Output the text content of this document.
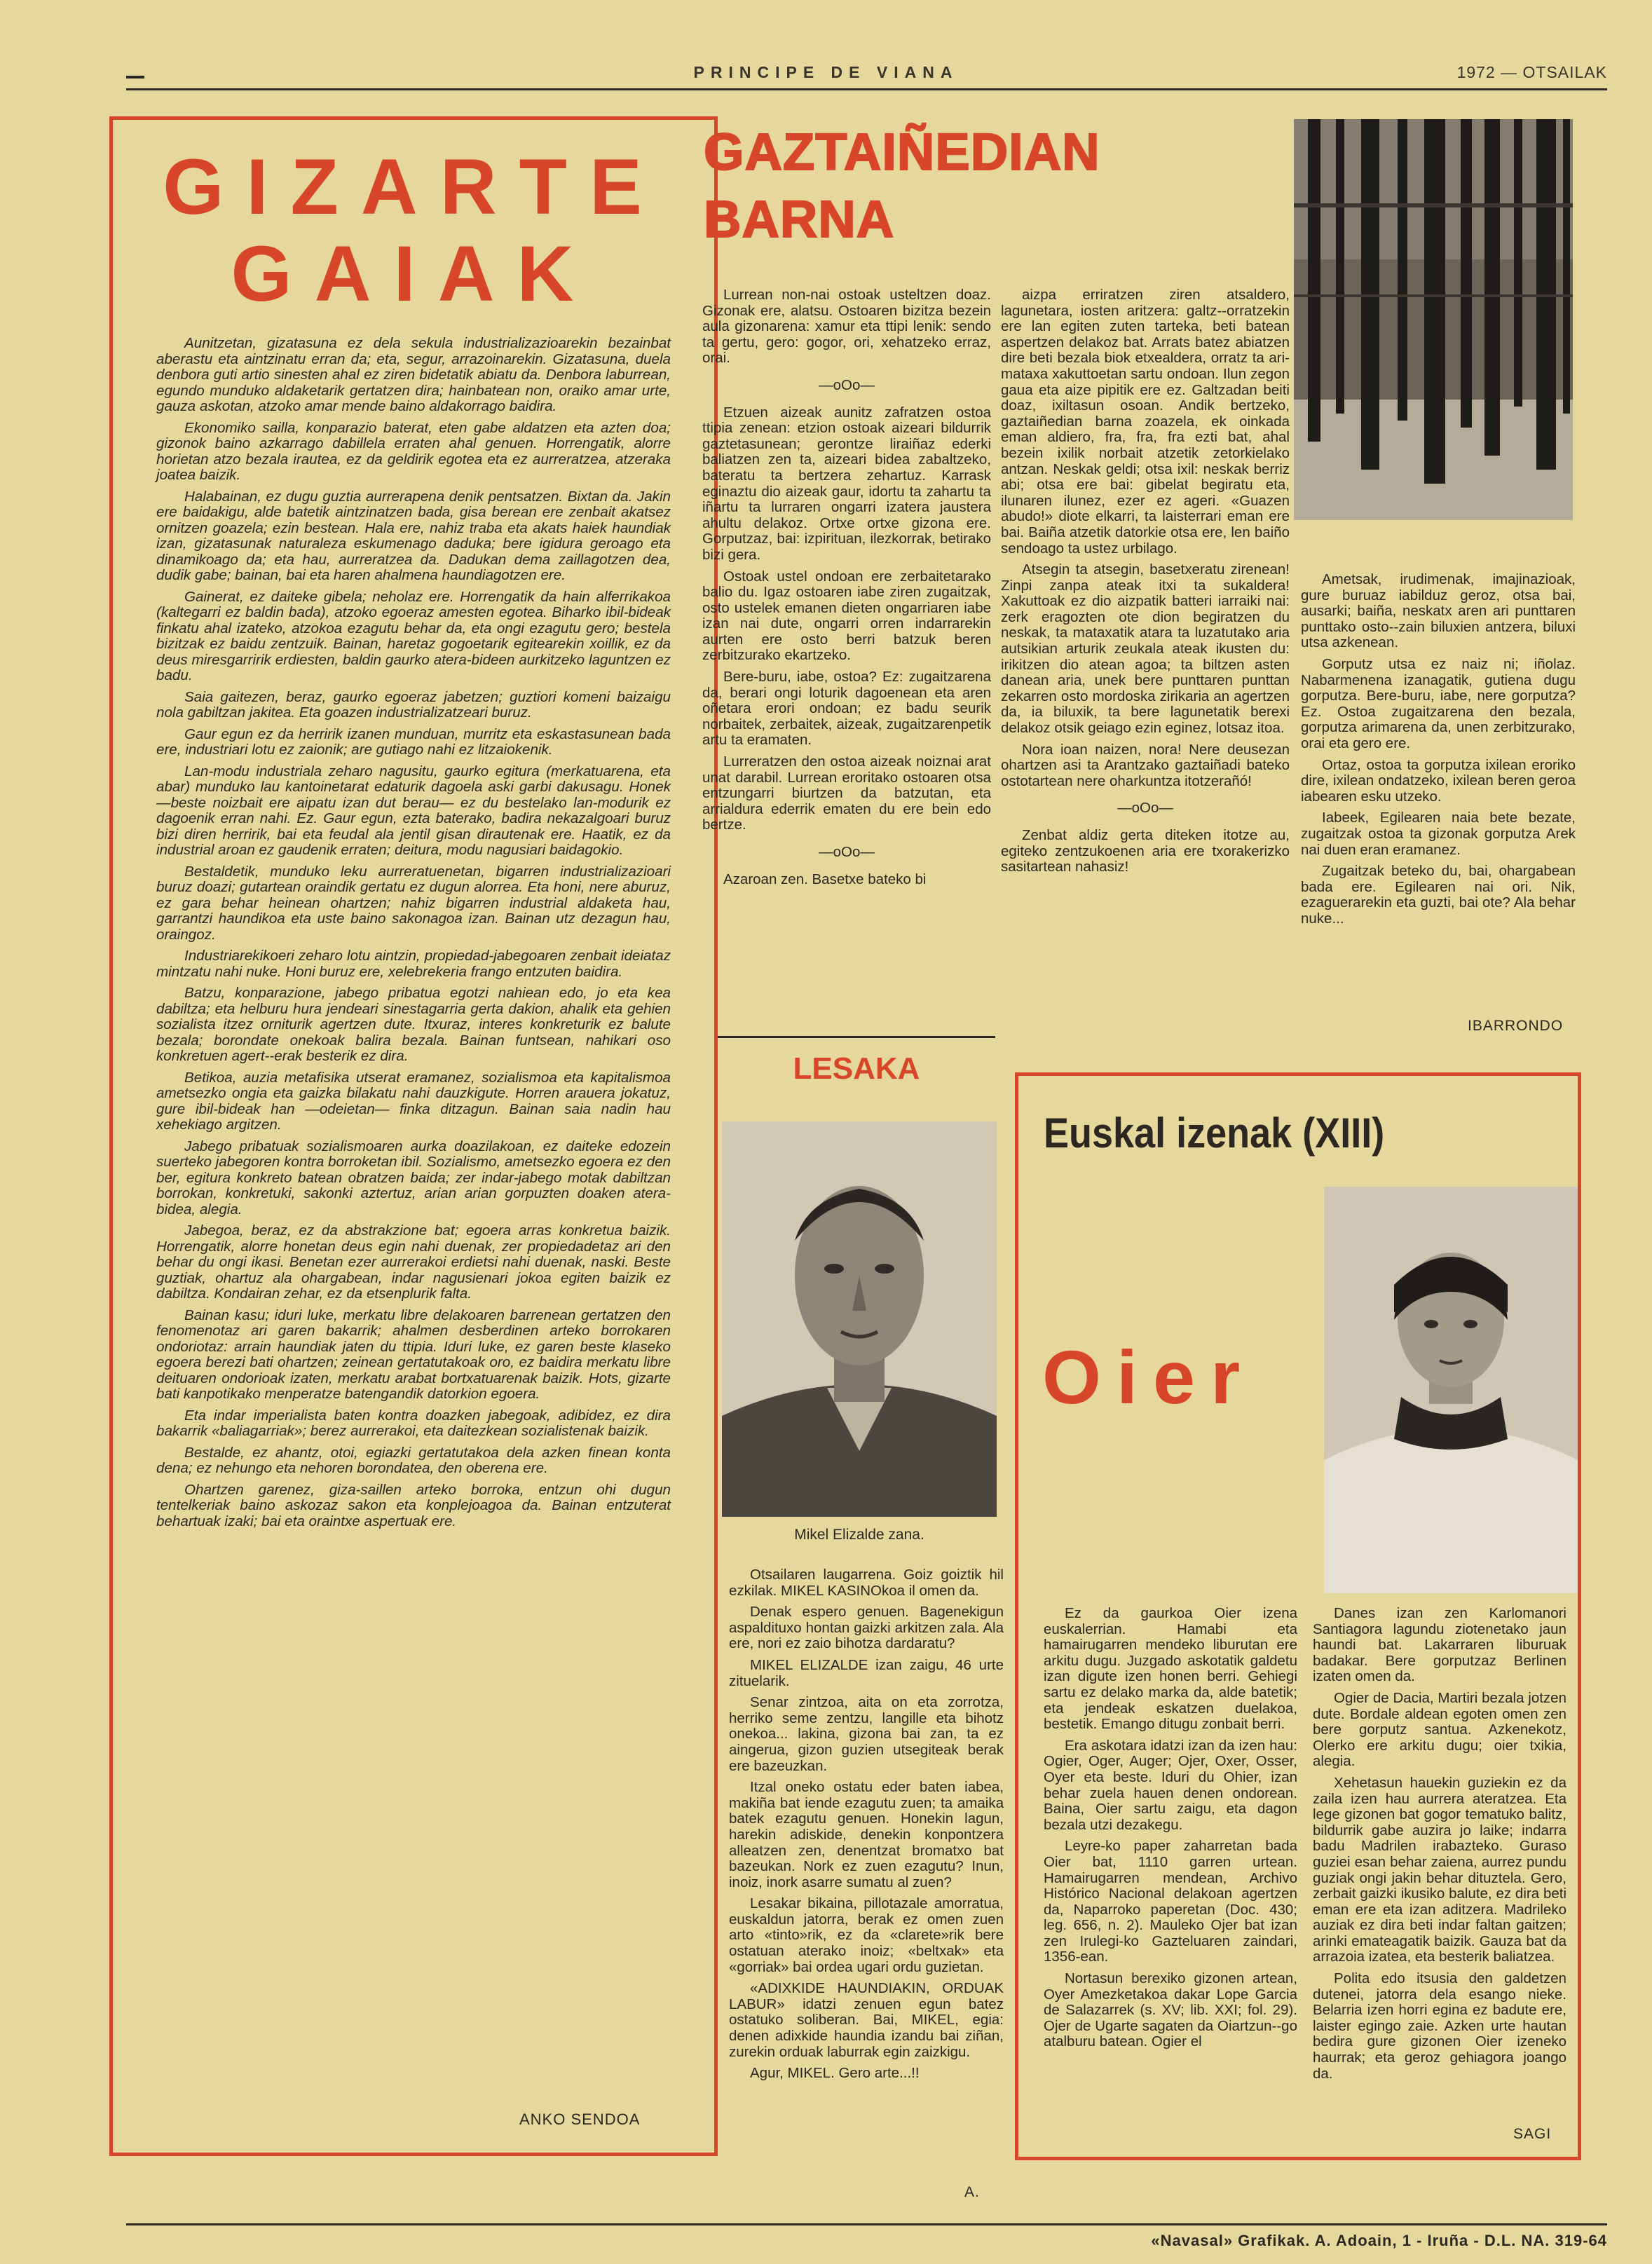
PRINCIPE DE VIANA	1972 — OTSAILAK
GIZARTE
GAIAK

Aunitzetan, gizatasuna ez dela sekula industrializazioarekin bezainbat aberastu eta aintzinatu erran da; eta, segur, arrazoinarekin. Gizatasuna, duela denbora guti artio sinesten ahal ez ziren bidetatik abiatu da. Denbora laburrean, egundo munduko aldaketarik gertatzen dira; hainbatean non, oraiko amar urte, gauza askotan, atzoko amar mende baino aldakorrago baidira.

Ekonomiko sailla, konparazio baterat, eten gabe aldatzen eta azten doa; gizonok baino azkarrago dabillela erraten ahal genuen. Horrengatik, alorre horietan atzo bezala irautea, ez da geldirik egotea eta ez aurreratzea, atzeraka joatea baizik.

Halabainan, ez dugu guztia aurrerapena denik pentsatzen. Bixtan da. Jakin ere baidakigu, alde batetik aintzinatzen bada, gisa berean ere zenbait akatsez ornitzen goazela; ezin bestean. Hala ere, nahiz traba eta akats haiek haundiak izan, gizatasunak naturaleza eskumenago daduka; bere igidura geroago eta dinamikoago da; eta hau, aurreratzea da. Dadukan dema zaillagotzen dea, dudik gabe; bainan, bai eta haren ahalmena haundiagotzen ere.

Gainerat, ez daiteke gibela; neholaz ere. Horrengatik da hain alferrikakoa (kaltegarri ez baldin bada), atzoko egoeraz amesten egotea. Biharko ibil-bideak finkatu ahal izateko, atzokoa ezagutu behar da, eta ongi ezagutu gero; bestela bizitzak ez baidu zentzuik. Bainan, haretaz gogoetarik egitearekin xoillik, ez da deus miresgarririk erdiesten, baldin gaurko atera-bideen aurkitzeko laguntzen ez badu.

Saia gaitezen, beraz, gaurko egoeraz jabetzen; guztiori komeni baizaigu nola gabiltzan jakitea. Eta goazen industrializatzeari buruz.

Gaur egun ez da herririk izanen munduan, murritz eta eskastasunean bada ere, industriari lotu ez zaionik; are gutiago nahi ez litzaiokenik.

Lan-modu industriala zeharo nagusitu, gaurko egitura (merkatuarena, eta abar) munduko lau kantoinetarat edaturik dagoela aski garbi dakusagu. Honek —beste noizbait ere aipatu izan dut berau— ez du bestelako lan-modurik ez dagoenik erran nahi. Ez. Gaur egun, ezta baterako, badira nekazalgoari buruz bizi diren herririk, bai eta feudal ala jentil gisan dirautenak ere. Haatik, ez da industrial aroan ez gaudenik erraten; deitura, modu nagusiari baidagokio.

Bestaldetik, munduko leku aurreratuenetan, bigarren industrializazioari buruz doazi; gutartean oraindik gertatu ez dugun alorrea. Eta honi, nere aburuz, ez gara behar heinean ohartzen; nahiz bigarren industrial aldaketa hau, garrantzi haundikoa eta uste baino sakonagoa izan. Bainan utz dezagun hau, oraingoz.

Industriarekikoeri zeharo lotu aintzin, propiedad-jabegoaren zenbait ideiataz mintzatu nahi nuke. Honi buruz ere, xelebrekeria frango entzuten baidira.

Batzu, konparazione, jabego pribatua egotzi nahiean edo, jo eta kea dabiltza; eta helburu hura jendeari sinestagarria gerta dakion, ahalik eta gehien sozialista itzez orniturik agertzen dute. Itxuraz, interes konkreturik ez balute bezala; borondate onekoak balira bezala. Bainan funtsean, nahikari oso konkretuen agert--erak besterik ez dira.

Betikoa, auzia metafisika utserat eramanez, sozialismoa eta kapitalismoa ametsezko ongia eta gaizka bilakatu nahi dauzkigute. Horren arauera jokatuz, gure ibil-bideak han —odeietan— finka ditzagun. Bainan saia nadin hau xehekiago argitzen.

Jabego pribatuak sozialismoaren aurka doazilakoan, ez daiteke edozein suerteko jabegoren kontra borroketan ibil. Sozialismo, ametsezko egoera ez den ber, egitura konkreto batean obratzen baida; zer indar-jabego motak dabiltzan borrokan, konkretuki, sakonki aztertuz, arian arian gorpuzten doaken atera-bidea, alegia.

Jabegoa, beraz, ez da abstrakzione bat; egoera arras konkretua baizik. Horrengatik, alorre honetan deus egin nahi duenak, zer propiedadetaz ari den behar du ongi ikasi. Benetan ezer aurrerakoi erdietsi nahi duenak, naski. Beste guztiak, ohartuz ala ohargabean, indar nagusienari jokoa egiten baizik ez dabiltza. Kondairan zehar, ez da etsenplurik falta.

Bainan kasu; iduri luke, merkatu libre delakoaren barrenean gertatzen den fenomenotaz ari garen bakarrik; ahalmen desberdinen arteko borrokaren ondoriotaz: arrain haundiak jaten du ttipia. Iduri luke, ez garen beste klaseko egoera berezi bati ohartzen; zeinean gertatutakoak oro, ez baidira merkatu libre deituaren ondorioak izaten, merkatu arabat bortxatuarenak baizik. Hots, gizarte bati kanpotikako menperatze batengandik datorkion egoera.

Eta indar imperialista baten kontra doazken jabegoak, adibidez, ez dira bakarrik «baliagarriak»; berez aurrerakoi, eta daitezkean sozialistenak baizik.

Bestalde, ez ahantz, otoi, egiazki gertatutakoa dela azken finean konta dena; ez nehungo eta nehoren borondatea, den oberena ere.

Ohartzen garenez, giza-saillen arteko borroka, entzun ohi dugun tentelkeriak baino askozaz sakon eta konplejoagoa da. Bainan entzuterat behartuak izaki; bai eta oraintxe aspertuak ere.

ANKO SENDOA
GAZTAIÑEDIAN
BARNA

Lurrean non-nai ostoak usteltzen doaz. Gizonak ere, alatsu. Ostoaren bizitza bezein aula gizonarena: xamur eta ttipi lenik: sendo ta gertu, gero: gogor, ori, xehatzeko erraz, orai.

—oOo—

Etzuen aizeak aunitz zafratzen ostoa ttipia zenean: etzion ostoak aizeari bildurrik gaztetasunean; gerontze liraiñaz ederki baliatzen zen ta, aizeari bidea zabaltzeko, bateratu ta bertzera zehartuz. Karrask eginaztu dio aizeak gaur, idortu ta zahartu ta iñartu ta lurraren ongarri izatera jaustera ahultu delakoz. Ortxe ortxe gizona ere. Gorputzaz, bai: izpirituan, ilezkorrak, betirako bizi gera.

Ostoak ustel ondoan ere zerbaitetarako balio du. Igaz ostoaren iabe ziren zugaitzak, osto ustelek emanen dieten ongarriaren iabe izan nai dute, ongarri orren indarrarekin aurten ere osto berri batzuk beren zerbitzurako ekartzeko.

Bere-buru, iabe, ostoa? Ez: zugaitzarena da, berari ongi loturik dagoenean eta aren oñetara erori ondoan; ez badu seurik norbaitek, zerbaitek, aizeak, zugaitzarenpetik artu ta eramaten.

Lurreratzen den ostoa aizeak noiznai arat unat darabil. Lurrean eroritako ostoaren otsa entzungarri biurtzen da batzutan, eta arrialdura ederrik ematen du ere bein edo bertze.

—oOo—

Azaroan zen. Basetxe bateko bi

aizpa erriratzen ziren atsaldero, lagunetara, iosten aritzera: galtz--orratzekin ere lan egiten zuten tarteka, beti batean aspertzen delakoz bat. Arrats batez abiatzen dire beti bezala biok etxealdera, orratz ta ari-mataxa xakuttoetan sartu ondoan. Ilun zegon gaua eta aize pipitik ere ez. Galtzadan beiti doaz, ixiltasun osoan. Andik bertzeko, gaztaiñedian barna zoazela, ek oinkada eman aldiero, fra, fra, fra ezti bat, ahal bezein ixilik norbait atzetik zetorkielako antzan. Neskak geldi; otsa ixil: neskak berriz abi; otsa ere bai: gibelat begiratu eta, ilunaren ilunez, ezer ez ageri. «Guazen abudo!» diote elkarri, ta laisterrari eman ere bai. Baiña atzetik datorkie otsa ere, len baiño sendoago ta ustez urbilago.

Atsegin ta atsegin, basetxeratu zirenean! Zinpi zanpa ateak itxi ta sukaldera! Xakuttoak ez dio aizpatik batteri iarraiki nai: zerk eragozten ote dion begiratzen du neskak, ta mataxatik atara ta luzatutako aria autsikian arturik zeukala ateak ikusten du: irikitzen dio atean agoa; ta biltzen asten danean aria, unek bere punttaren punttan zekarren osto mordoska zirikaria an agertzen da, ia biluxik, ta bere lagunetatik berexi delakoz otsik geiago ezin eginez, lotsaz itoa.

Nora ioan naizen, nora! Nere deusezan ohartzen asi ta Arantzako gaztaiñadi bateko ostotartean nere oharkuntza itotzerañó!

—oOo—

Zenbat aldiz gerta diteken itotze au, egiteko zentzukoenen aria ere txorakerizko sasitartean nahasiz!

Ametsak, irudimenak, imajinazioak, gure buruaz iabilduz geroz, otsa bai, ausarki; baiña, neskatx aren ari punttaren punttako osto--zain biluxien antzera, biluxi utsa azkenean.

Gorputz utsa ez naiz ni; iñolaz. Nabarmenena izanagatik, gutiena dugu gorputza. Bere-buru, iabe, nere gorputza? Ez. Ostoa zugaitzarena den bezala, gorputza arimarena da, unen zerbitzurako, orai eta gero ere.

Ortaz, ostoa ta gorputza ixilean eroriko dire, ixilean ondatzeko, ixilean beren geroa iabearen esku utzeko.

Iabeek, Egilearen naia bete bezate, zugaitzak ostoa ta gizonak gorputza Arek nai duen eran eramanez.

Zugaitzak beteko du, bai, ohargabean bada ere. Egilearen nai ori. Nik, ezaguerarekin eta guzti, bai ote? Ala behar nuke...

IBARRONDO
LESAKA
Mikel Elizalde zana.

Otsailaren laugarrena. Goiz goiztik hil ezkilak. MIKEL KASINOkoa il omen da.

Denak espero genuen. Bagenekigun aspaldituxo hontan gaizki arkitzen zala. Ala ere, nori ez zaio bihotza dardaratu?

MIKEL ELIZALDE izan zaigu, 46 urte zituelarik.

Senar zintzoa, aita on eta zorrotza, herriko seme zentzu, langille eta bihotz onekoa... lakina, gizona bai zan, ta ez aingerua, gizon guzien utsegiteak berak ere bazeuzkan.

Itzal oneko ostatu eder baten iabea, makiña bat iende ezagutu zuen; ta amaika batek ezagutu genuen. Honekin lagun, harekin adiskide, denekin konpontzera alleatzen zen, denentzat bromatxo bat bazeukan. Nork ez zuen ezagutu? Inun, inoiz, inork asarre sumatu al zuen?

Lesakar bikaina, pillotazale amorratua, euskaldun jatorra, berak ez omen zuen arto «tinto»rik, ez da «clarete»rik bere ostatuan aterako inoiz; «beltxak» eta «gorriak» bai ordea ugari ordu guzietan.

«ADIXKIDE HAUNDIAKIN, ORDUAK LABUR» idatzi zenuen egun batez ostatuko soliberan. Bai, MIKEL, egia: denen adixkide haundia izandu bai ziñan, zurekin orduak laburrak egin zaizkigu.

Agur, MIKEL. Gero arte...!!

A.
Euskal izenak (XIII)
Oier

Ez da gaurkoa Oier izena euskalerrian. Hamabi eta hamairugarren mendeko liburutan ere arkitu dugu. Juzgado askotatik galdetu izan digute izen honen berri. Gehiegi sartu ez delako marka da, alde batetik; eta jendeak eskatzen duelakoa, bestetik. Emango ditugu zonbait berri.

Era askotara idatzi izan da izen hau: Ogier, Oger, Auger; Ojer, Oxer, Osser, Oyer eta beste. Iduri du Ohier, izan behar zuela hauen denen ondorean. Baina, Oier sartu zaigu, eta dagon bezala utzi dezakegu.

Leyre-ko paper zaharretan bada Oier bat, 1110 garren urtean. Hamairugarren mendean, Archivo Histórico Nacional delakoan agertzen da, Naparroko paperetan (Doc. 430; leg. 656, n. 2). Mauleko Ojer bat izan zen Irulegi-ko Gazteluaren zaindari, 1356-ean.

Nortasun berexiko gizonen artean, Oyer Amezketakoa dakar Lope Garcia de Salazarrek (s. XV; lib. XXI; fol. 29). Ojer de Ugarte sagaten da Oiartzun--go atalburu batean. Ogier el

Danes izan zen Karlomanori Santiagora lagundu ziotenetako jaun haundi bat. Lakarraren liburuak badakar. Bere gorputzaz Berlinen izaten omen da.

Ogier de Dacia, Martiri bezala jotzen dute. Bordale aldean egoten omen zen bere gorputz santua. Azkenekotz, Olerko ere arkitu dugu; oier txikia, alegia.

Xehetasun hauekin guziekin ez da zaila izen hau aurrera ateratzea. Eta lege gizonen bat gogor tematuko balitz, bildurrik gabe auzira jo laike; indarra badu Madrilen irabazteko. Guraso guziei esan behar zaiena, aurrez pundu guziak ongi jakin behar dituztela. Gero, zerbait gaizki ikusiko balute, ez dira beti eman ere eta izan aditzera. Madrileko auziak ez dira beti indar faltan gaitzen; arinki emateagatik baizik. Gauza bat da arrazoia izatea, eta besterik baliatzea.

Polita edo itsusia den galdetzen dutenei, jatorra dela esango nieke. Belarria izen horri egina ez badute ere, laister egingo zaie. Azken urte hautan bedira gure gizonen Oier izeneko haurrak; eta geroz gehiagora joango da.

SAGI
«Navasal» Grafikak. A. Adoain, 1 - Iruña - D.L. NA. 319-64
